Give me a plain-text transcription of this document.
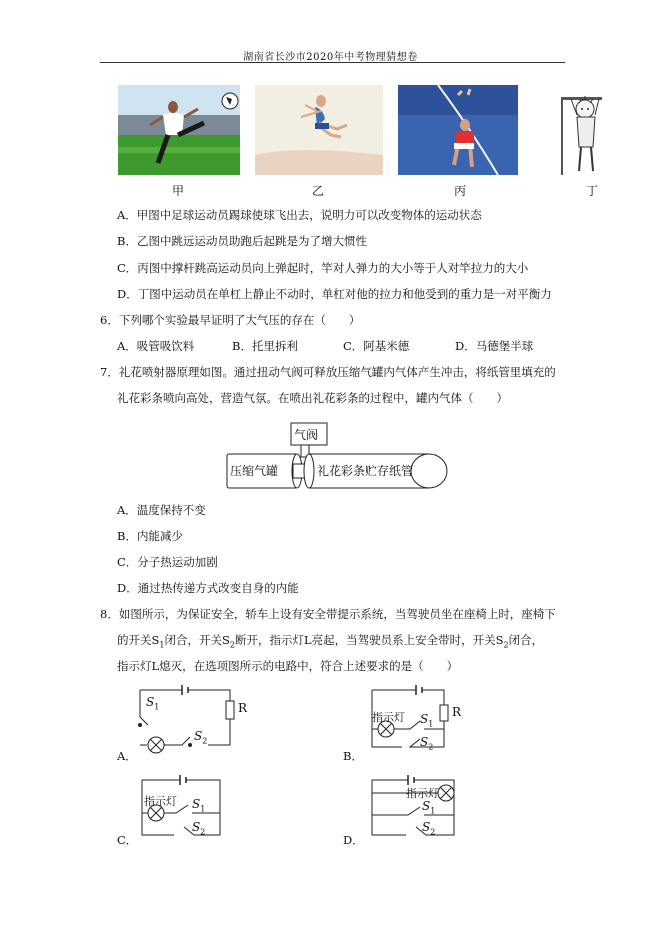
湖南省长沙市2020年中考物理猜想卷
甲	乙	丙	丁
A．甲图中足球运动员踢球使球飞出去，说明力可以改变物体的运动状态
B．乙图中跳远运动员助跑后起跳是为了增大惯性
C．丙图中撑杆跳高运动员向上弹起时，竿对人弹力的大小等于人对竿拉力的大小
D．丁图中运动员在单杠上静止不动时，单杠对他的拉力和他受到的重力是一对平衡力
6．下列哪个实验最早证明了大气压的存在（　　）
A．吸管吸饮料	B．托里拆利	C．阿基米德	D．马德堡半球
7．礼花喷射器原理如图。通过扭动气阀可释放压缩气罐内气体产生冲击，将纸管里填充的
礼花彩条喷向高处，营造气氛。在喷出礼花彩条的过程中，罐内气体（　　）
气阀
压缩气罐	礼花彩条贮存纸管
A．温度保持不变
B．内能减少
C．分子热运动加剧
D．通过热传递方式改变自身的内能
8．如图所示，为保证安全，轿车上设有安全带提示系统，当驾驶员坐在座椅上时，座椅下
的开关$S_1$闭合，开关$S_2$断开，指示灯L亮起，当驾驶员系上安全带时，开关$S_2$闭合，
指示灯L熄灭，在选项图所示的电路中，符合上述要求的是（　　）
$S_1$
$S_2$
R
A．
指示灯 $S_1$
$S_2$
R
B．
指示灯 $S_1$
$S_2$
C．
指示灯
$S_1$
$S_2$
D．
